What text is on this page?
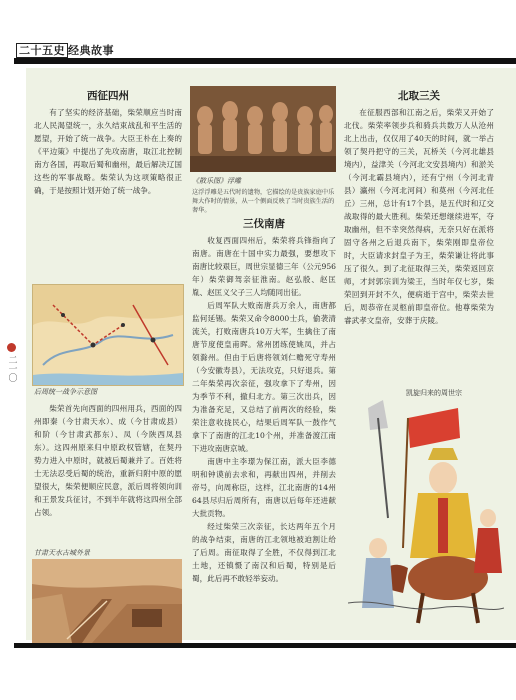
二十五史 经典故事
二一〇
西征四州

有了坚实的经济基础，柴荣顺应当时南北人民渴望统一，永久结束战乱和平生活的愿望，开始了统一战争。大臣王朴在上奏的《平边策》中提出了先攻南唐，取江北控制南方各国，再取后蜀和幽州，最后解决辽国这些的军事战略。柴荣认为这项策略很正确，于是按照计划开始了统一战争。

后周统一战争示意图

柴荣首先向西面的四州用兵，西面的四州即秦（今甘肃天水）、成（今甘肃成县）和阶（今甘肃武都东）、凤（今陕西凤县东）。这四州原来归中原政权管辖，在契丹势力进入中原时，就被后蜀兼并了。百姓将士无法忍受后蜀的统治，重新归附中原的愿望很大，柴荣便顺应民意，派后周将领向训和王景发兵征讨，不到半年就将这四州全部占领。

甘肃天水古城外景
《散乐图》浮雕
这浮浮雕是五代时的遗物，它描绘的是贵族家庭中乐舞大作时的情景，从一个侧面反映了当时贵族生活的奢华。
三伐南唐

收复西面四州后，柴荣将兵锋指向了南唐。南唐在十国中实力最强，要想攻下南唐比较艰巨，周世宗显德三年（公元956年）柴荣御驾亲征淮南。赵弘殷、赵匡胤、赵匡义父子三人均随同出征。

后周军队大败南唐兵万余人，南唐都监何延锡。柴荣又命令8000士兵，偷袭清流关，打败南唐兵10万大军，生擒住了南唐节度使皇甫晖。常州团练使姚凤，并占领滁州。但由于后唐将领刘仁赡死守寿州（今安徽寿县），无法攻克，只好退兵。第二年柴荣再次亲征，强攻拿下了寿州，因为季节不利，撤归北方。第三次出兵，因为准备充足，又总结了前两次的经验，柴荣注意收拢民心，结果后周军队一鼓作气拿下了南唐的江北10个州，并准备渡江南下进攻南唐京城。

南唐中主李璟为保江南，派大臣李德明和钟谟前去求和，再献出四州，并削去帝号，向周称臣，这样，江北南唐的14州64县尽归后周所有，南唐以后每年还进献大批贡物。

经过柴荣三次亲征，长达两年五个月的战争结束，南唐的江北领地被迫割让给了后周。南征取得了全胜，不仅得到江北土地，还镇慑了南汉和后蜀，特别是后蜀，此后再不敢轻举妄动。

北取三关

在征服西部和江南之后，柴荣又开始了北伐。柴荣率领步兵和骑兵共数万人从沧州北上出击，仅仅用了40天的时间，就一举占领了契丹把守的三关，瓦桥关（今河北雄县境内），益津关（今河北文安县境内）和淤关（今河北霸县境内），还有宁州（今河北青县）瀛州（今河北河间）和莫州（今河北任丘）三州，总计有17个县，是五代时和辽交战取得的最大胜利。柴荣还想继续进军，夺取幽州，但不幸突然得病，无奈只好在派将固守各州之后退兵南下，柴荣刚即皇帝位时，大臣请求封皇子为王，柴荣谦让将此事压了很久。到了北征取得三关，柴荣返回京师，才封郭宗训为梁王，当时年仅七岁，柴荣回到开封不久，便病逝于宫中，柴荣去世后，周恭帝在灵柩前即皇帝位。他尊柴荣为睿武孝文皇帝，安葬于庆陵。

凯旋归来的周世宗
